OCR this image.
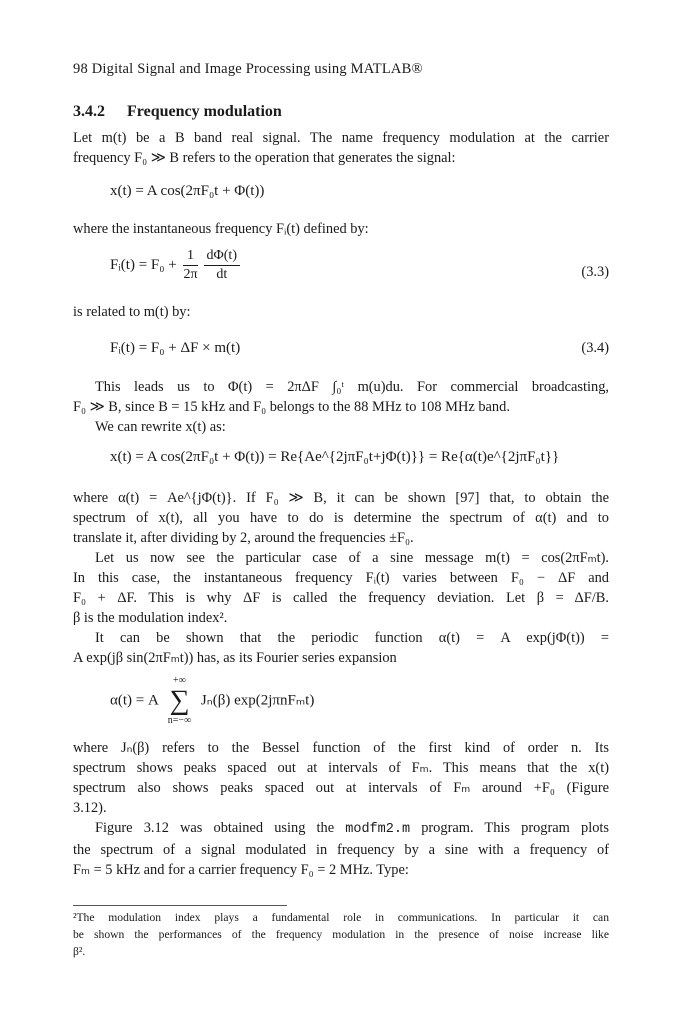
98 Digital Signal and Image Processing using MATLAB®
3.4.2 Frequency modulation
Let m(t) be a B band real signal. The name frequency modulation at the carrier
frequency F₀ ≫ B refers to the operation that generates the signal:
x(t) = A cos(2πF₀t + Φ(t))
where the instantaneous frequency Fᵢ(t) defined by:
Fᵢ(t) = $F_0 + \frac{1}{2\pi} \frac{d\Phi(t)}{dt}$	(3.3)
is related to m(t) by:
Fᵢ(t) = F₀ + ΔF × m(t)	(3.4)
This leads us to Φ(t) = 2πΔF ∫₀ᵗ m(u)du. For commercial broadcasting,
F₀ ≫ B, since B = 15 kHz and F₀ belongs to the 88 MHz to 108 MHz band.
We can rewrite x(t) as:
x(t) = A cos(2πF₀t + Φ(t)) = Re{Ae^{2jπF₀t+jΦ(t)}} = Re{α(t)e^{2jπF₀t}}
where α(t) = Ae^{jΦ(t)}. If F₀ ≫ B, it can be shown [97] that, to obtain the
spectrum of x(t), all you have to do is determine the spectrum of α(t) and to
translate it, after dividing by 2, around the frequencies ±F₀.
Let us now see the particular case of a sine message m(t) = cos(2πFₘt).
In this case, the instantaneous frequency Fᵢ(t) varies between F₀ − ΔF and
F₀ + ΔF. This is why ΔF is called the frequency deviation. Let β = ΔF/B.
β is the modulation index².
It can be shown that the periodic function α(t) = A exp(jΦ(t)) =
A exp(jβ sin(2πFₘt)) has, as its Fourier series expansion
α(t) = A
+∞
∑
n=−∞
Jₙ(β) exp(2jπnFₘt)
where Jₙ(β) refers to the Bessel function of the first kind of order n. Its
spectrum shows peaks spaced out at intervals of Fₘ. This means that the x(t)
spectrum also shows peaks spaced out at intervals of Fₘ around +F₀ (Figure
3.12).
Figure 3.12 was obtained using the modfm2.m program. This program plots
the spectrum of a signal modulated in frequency by a sine with a frequency of
Fₘ = 5 kHz and for a carrier frequency F₀ = 2 MHz. Type:
²The modulation index plays a fundamental role in communications. In particular it can
be shown the performances of the frequency modulation in the presence of noise increase like
β².
